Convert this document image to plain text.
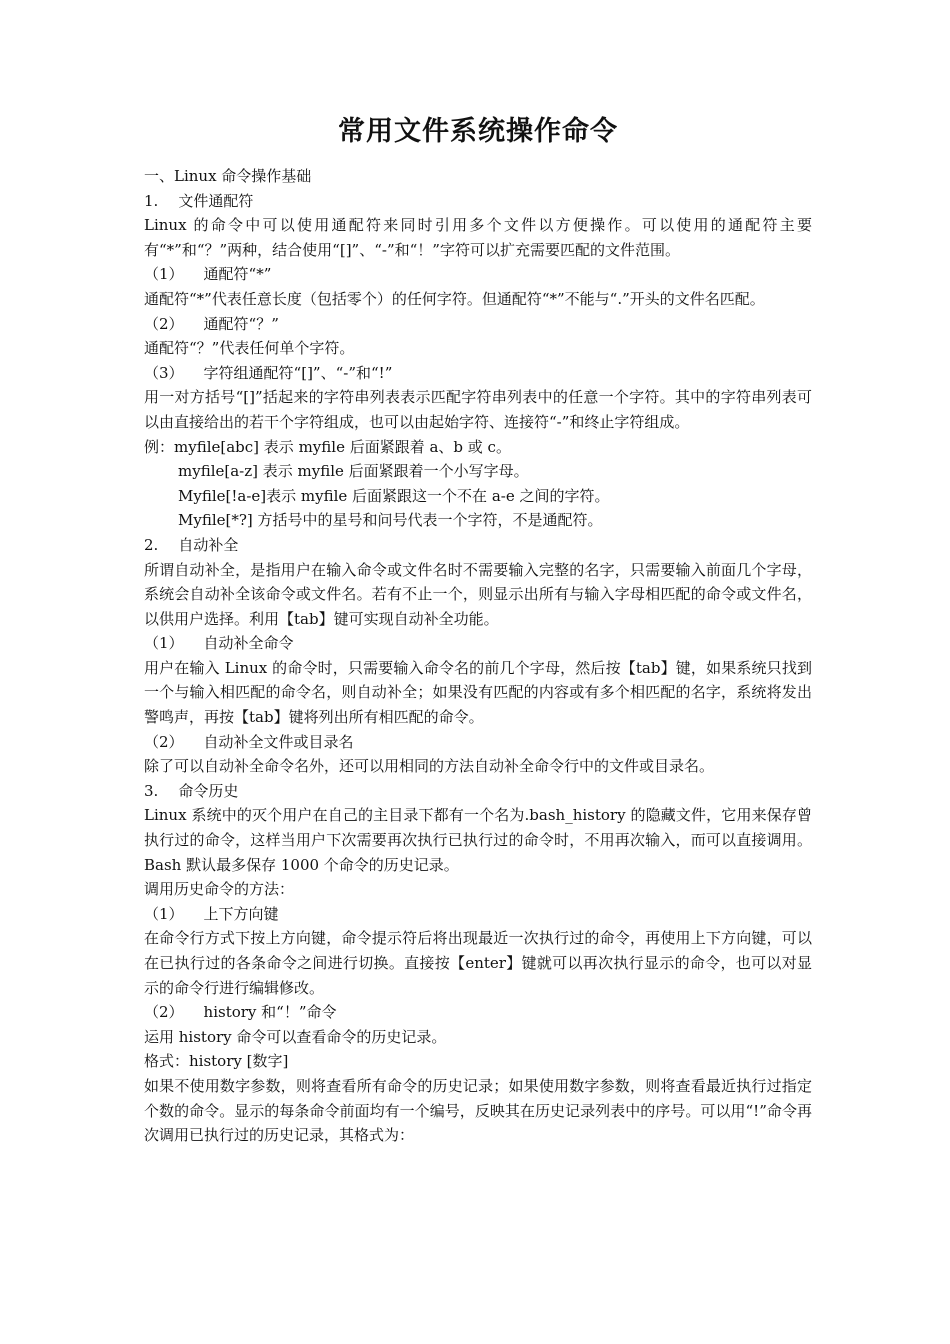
常用文件系统操作命令

一、Linux 命令操作基础

1. 文件通配符

Linux 的命令中可以使用通配符来同时引用多个文件以方便操作。可以使用的通配符主要有“*”和“？”两种，结合使用“[]”、“-”和“！”字符可以扩充需要匹配的文件范围。

（1） 通配符“*”

通配符“*”代表任意长度（包括零个）的任何字符。但通配符“*”不能与“.”开头的文件名匹配。

（2） 通配符“？”

通配符“？”代表任何单个字符。

（3） 字符组通配符“[]”、“-”和“!”

用一对方括号“[]”括起来的字符串列表表示匹配字符串列表中的任意一个字符。其中的字符串列表可以由直接给出的若干个字符组成，也可以由起始字符、连接符“-”和终止字符组成。

例：myfile[abc] 表示 myfile 后面紧跟着 a、b 或 c。

myfile[a-z] 表示 myfile 后面紧跟着一个小写字母。

Myfile[!a-e]表示 myfile 后面紧跟这一个不在 a-e 之间的字符。

Myfile[*?] 方括号中的星号和问号代表一个字符，不是通配符。

2. 自动补全

所谓自动补全，是指用户在输入命令或文件名时不需要输入完整的名字，只需要输入前面几个字母，系统会自动补全该命令或文件名。若有不止一个，则显示出所有与输入字母相匹配的命令或文件名，以供用户选择。利用【tab】键可实现自动补全功能。

（1） 自动补全命令

用户在输入 Linux 的命令时，只需要输入命令名的前几个字母，然后按【tab】键，如果系统只找到一个与输入相匹配的命令名，则自动补全；如果没有匹配的内容或有多个相匹配的名字，系统将发出警鸣声，再按【tab】键将列出所有相匹配的命令。

（2） 自动补全文件或目录名

除了可以自动补全命令名外，还可以用相同的方法自动补全命令行中的文件或目录名。

3. 命令历史

Linux 系统中的灭个用户在自己的主目录下都有一个名为.bash_history 的隐藏文件，它用来保存曾执行过的命令，这样当用户下次需要再次执行已执行过的命令时，不用再次输入，而可以直接调用。Bash 默认最多保存 1000 个命令的历史记录。

调用历史命令的方法：

（1） 上下方向键

在命令行方式下按上方向键，命令提示符后将出现最近一次执行过的命令，再使用上下方向键，可以在已执行过的各条命令之间进行切换。直接按【enter】键就可以再次执行显示的命令，也可以对显示的命令行进行编辑修改。

（2） history 和“！”命令

运用 history 命令可以查看命令的历史记录。

格式：history [数字]

如果不使用数字参数，则将查看所有命令的历史记录；如果使用数字参数，则将查看最近执行过指定个数的命令。显示的每条命令前面均有一个编号，反映其在历史记录列表中的序号。可以用“!”命令再次调用已执行过的历史记录，其格式为：
